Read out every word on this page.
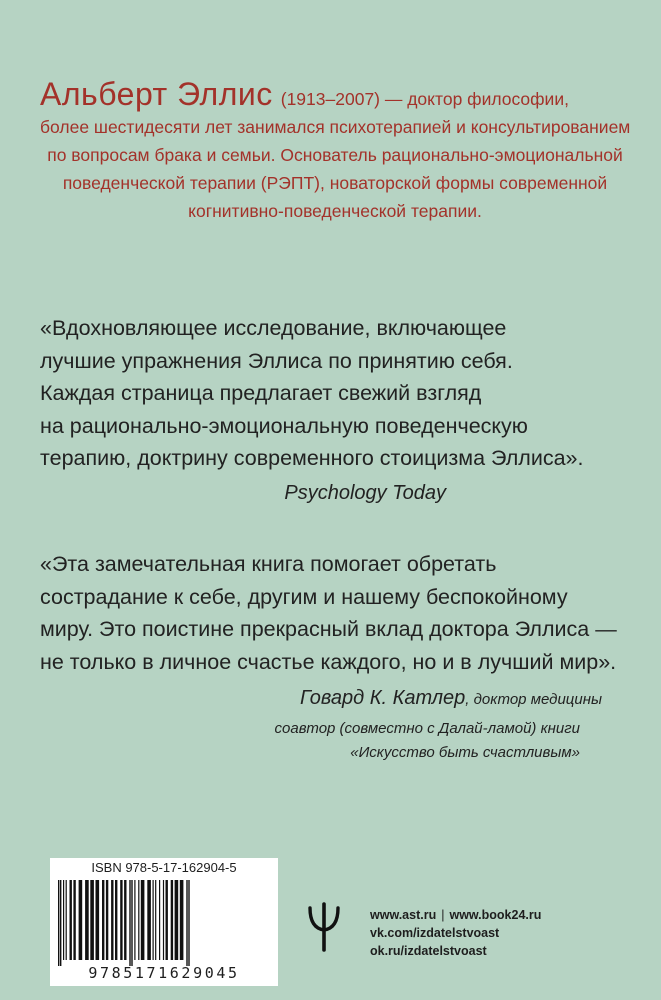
Альберт Эллис (1913–2007) — доктор философии,
более шестидесяти лет занимался психотерапией и консультированием
по вопросам брака и семьи. Основатель рационально-эмоциональной
поведенческой терапии (РЭПТ), новаторской формы современной
когнитивно-поведенческой терапии.
«Вдохновляющее исследование, включающее
лучшие упражнения Эллиса по принятию себя.
Каждая страница предлагает свежий взгляд
на рационально-эмоциональную поведенческую
терапию, доктрину современного стоицизма Эллиса».
Psychology Today
«Эта замечательная книга помогает обретать
сострадание к себе, другим и нашему беспокойному
миру. Это поистине прекрасный вклад доктора Эллиса —
не только в личное счастье каждого, но и в лучший мир».
Говард К. Катлер, доктор медицины
соавтор (совместно с Далай-ламой) книги
«Искусство быть счастливым»
ISBN 978-5-17-162904-5
9785171629045
www.ast.ru | www.book24.ru
vk.com/izdatelstvoast
ok.ru/izdatelstvoast
